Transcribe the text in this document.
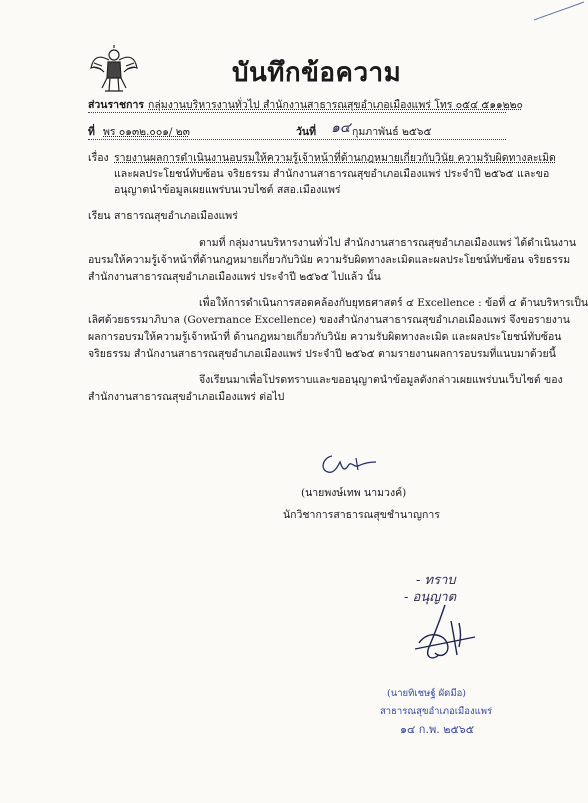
บันทึกข้อความ
ส่วนราชการ กลุ่มงานบริหารงานทั่วไป สำนักงานสาธารณสุขอำเภอเมืองแพร่ โทร ๐๕๔ ๕๑๑๒๒๐
ที่ พร ๐๑๓๒.๐๐๑/ ๒๓	วันที่ ๑๔ กุมภาพันธ์ ๒๕๖๕
เรื่อง รายงานผลการดำเนินงานอบรมให้ความรู้เจ้าหน้าที่ด้านกฎหมายเกี่ยวกับวินัย ความรับผิดทางละเมิด
และผลประโยชน์ทับซ้อน จริยธรรม สำนักงานสาธารณสุขอำเภอเมืองแพร่ ประจำปี ๒๕๖๕ และขอ
อนุญาตนำข้อมูลเผยแพร่บนเวบไซต์ สสอ.เมืองแพร่
เรียน สาธารณสุขอำเภอเมืองแพร่
ตามที่ กลุ่มงานบริหารงานทั่วไป สำนักงานสาธารณสุขอำเภอเมืองแพร่ ได้ดำเนินงาน
อบรมให้ความรู้เจ้าหน้าที่ด้านกฎหมายเกี่ยวกับวินัย ความรับผิดทางละเมิดและผลประโยชน์ทับซ้อน จริยธรรม
สำนักงานสาธารณสุขอำเภอเมืองแพร่ ประจำปี ๒๕๖๕ ไปแล้ว นั้น
เพื่อให้การดำเนินการสอดคล้องกับยุทธศาสตร์ ๔ Excellence : ข้อที่ ๔ ด้านบริหารเป็น
เลิศด้วยธรรมาภิบาล (Governance Excellence) ของสำนักงานสาธารณสุขอำเภอเมืองแพร่ จึงขอรายงาน
ผลการอบรมให้ความรู้เจ้าหน้าที่ ด้านกฎหมายเกี่ยวกับวินัย ความรับผิดทางละเมิด และผลประโยชน์ทับซ้อน
จริยธรรม สำนักงานสาธารณสุขอำเภอเมืองแพร่ ประจำปี ๒๕๖๕ ตามรายงานผลการอบรมที่แนบมาด้วยนี้
จึงเรียนมาเพื่อโปรดทราบและขออนุญาตนำข้อมูลดังกล่าวเผยแพร่บนเว็บไซต์ ของ
สำนักงานสาธารณสุขอำเภอเมืองแพร่ ต่อไป
(นายพงษ์เทพ นามวงค์)
นักวิชาการสาธารณสุขชำนาญการ
- ทราบ
- อนุญาต
(นายทิเชษฐ์ ผัดมีอ)
สาธารณสุขอำเภอเมืองแพร่
๑๔ ก.พ. ๒๕๖๕
